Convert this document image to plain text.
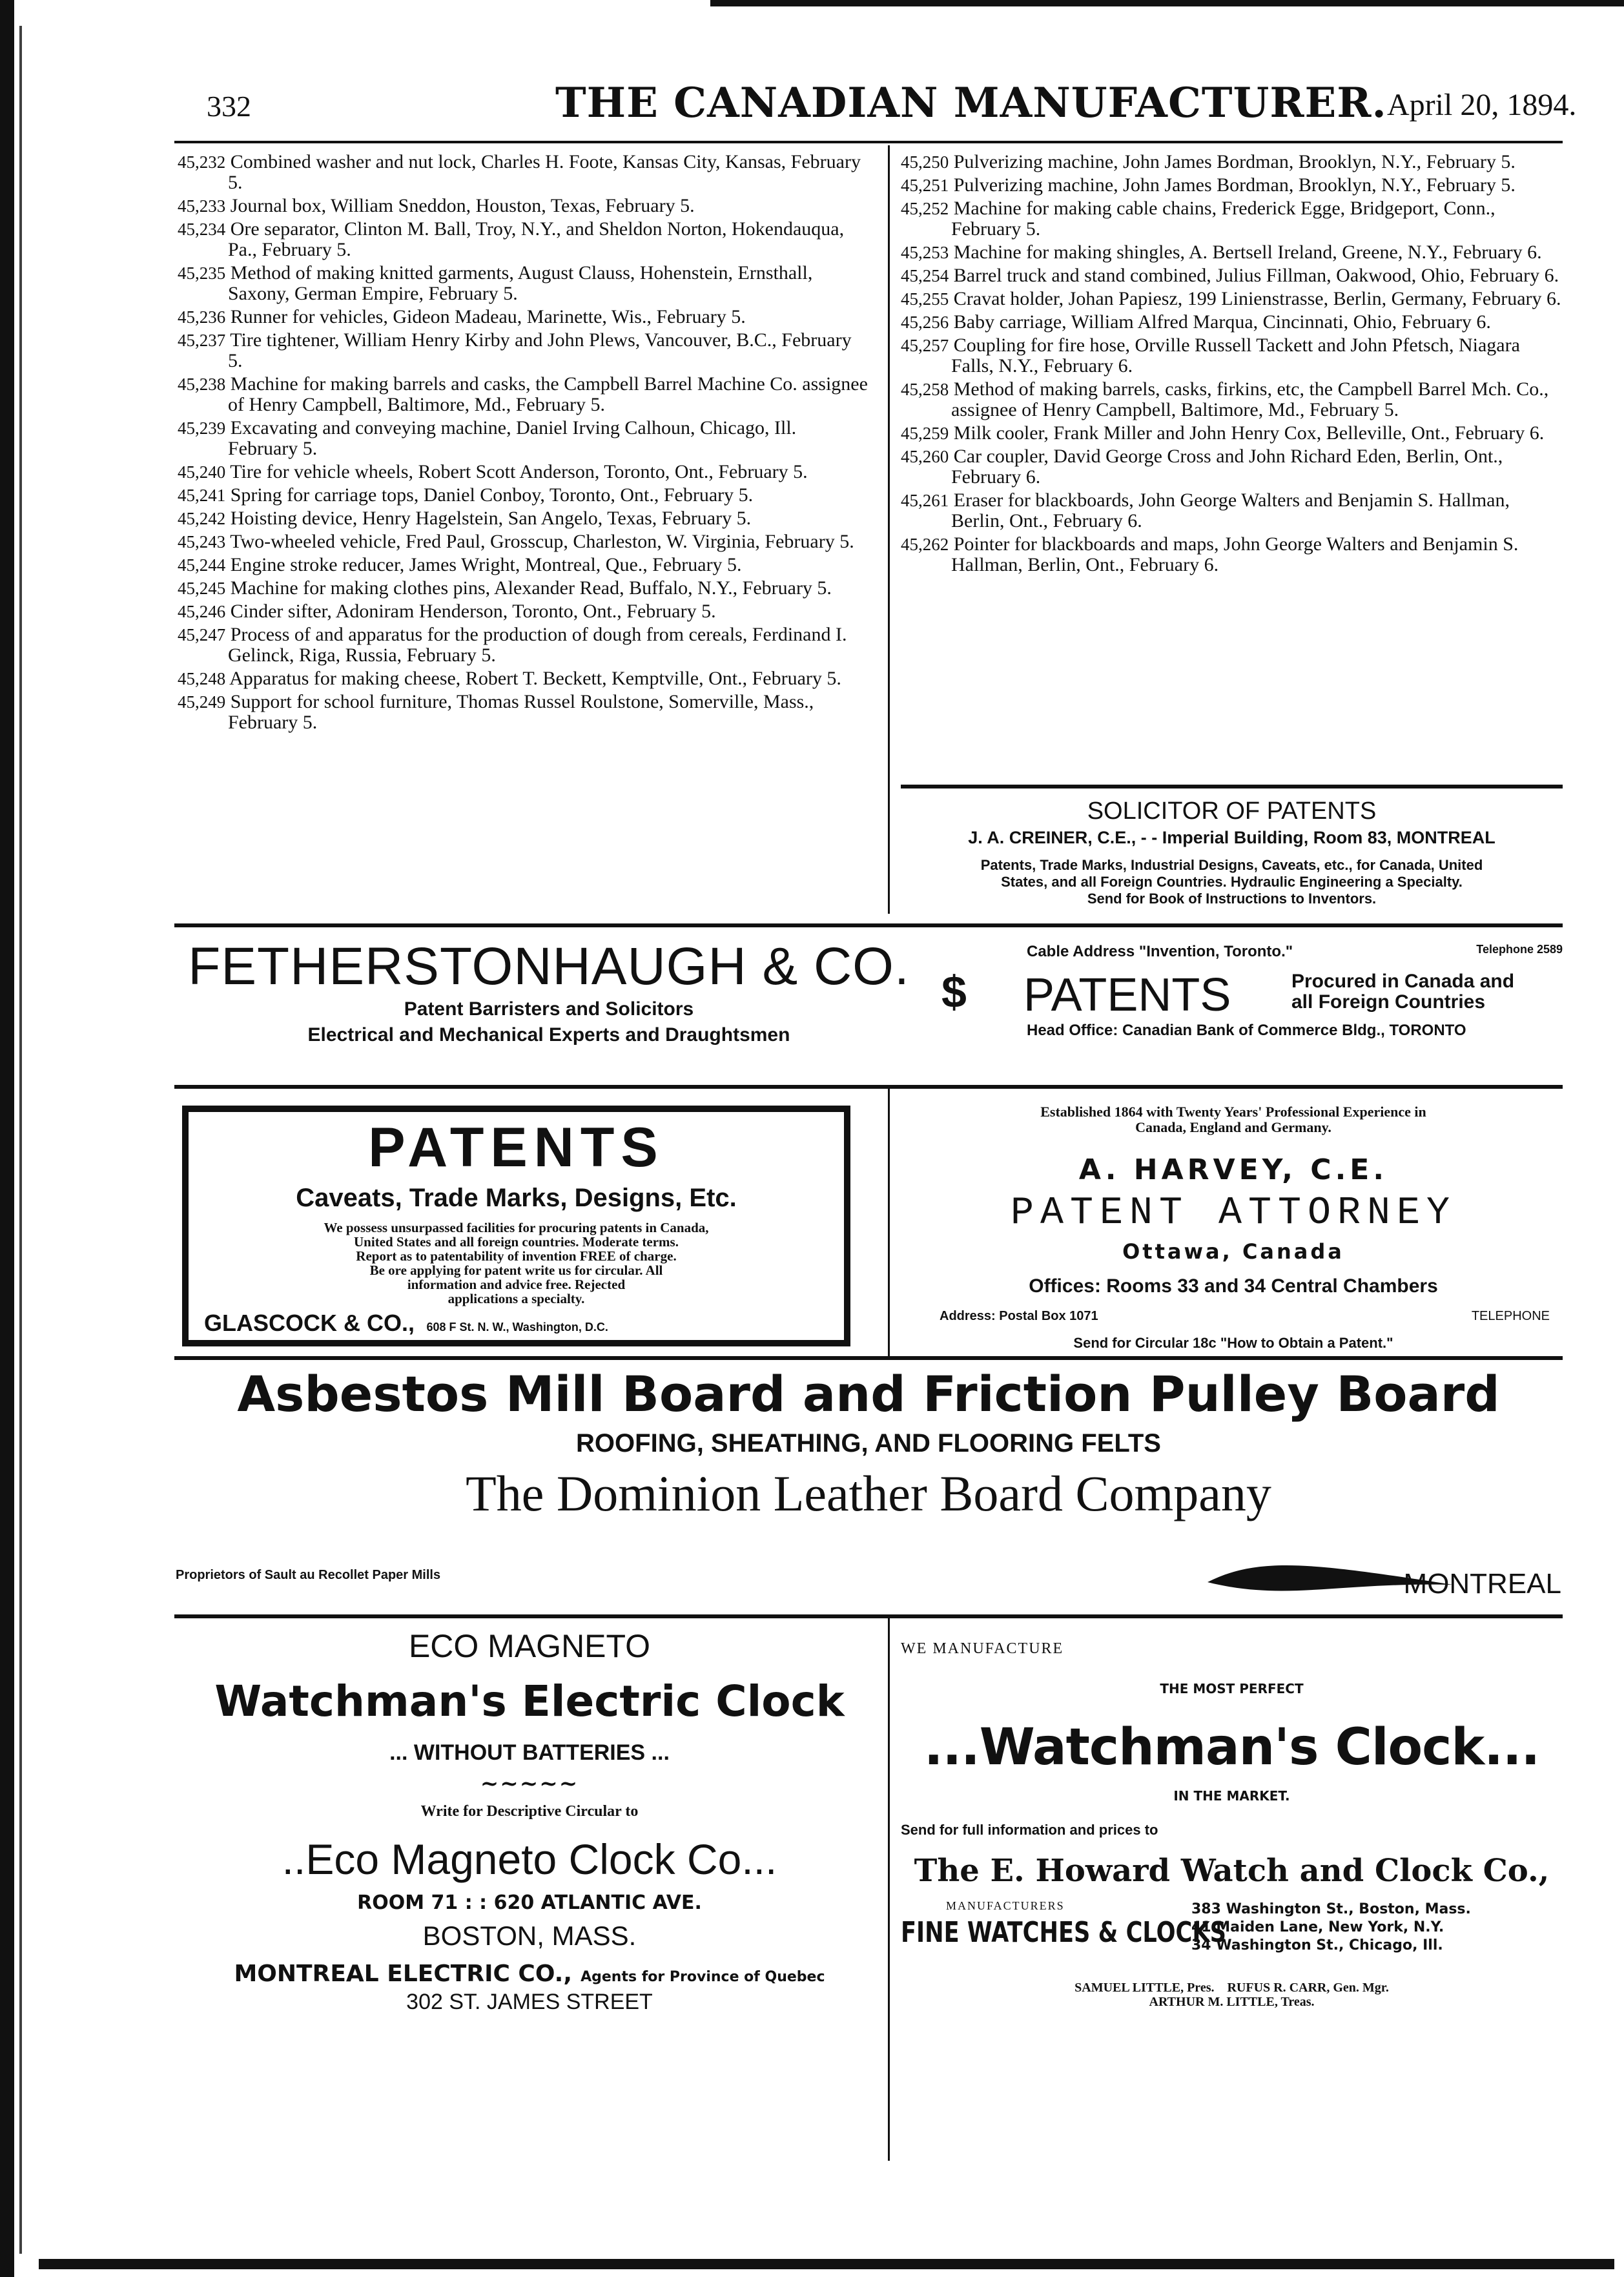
332	THE CANADIAN MANUFACTURER. April 20, 1894.
45,232 Combined washer and nut lock, Charles H. Foote, Kansas City, Kansas, February 5.
45,233 Journal box, William Sneddon, Houston, Texas, February 5.
45,234 Ore separator, Clinton M. Ball, Troy, N.Y., and Sheldon Norton, Hokendauqua, Pa., February 5.
45,235 Method of making knitted garments, August Clauss, Hohenstein, Ernsthall, Saxony, German Empire, February 5.
45,236 Runner for vehicles, Gideon Madeau, Marinette, Wis., February 5.
45,237 Tire tightener, William Henry Kirby and John Plews, Vancouver, B.C., February 5.
45,238 Machine for making barrels and casks, the Campbell Barrel Machine Co. assignee of Henry Campbell, Baltimore, Md., February 5.
45,239 Excavating and conveying machine, Daniel Irving Calhoun, Chicago, Ill. February 5.
45,240 Tire for vehicle wheels, Robert Scott Anderson, Toronto, Ont., February 5.
45,241 Spring for carriage tops, Daniel Conboy, Toronto, Ont., February 5.
45,242 Hoisting device, Henry Hagelstein, San Angelo, Texas, February 5.
45,243 Two-wheeled vehicle, Fred Paul, Grosscup, Charleston, W. Virginia, February 5.
45,244 Engine stroke reducer, James Wright, Montreal, Que., February 5.
45,245 Machine for making clothes pins, Alexander Read, Buffalo, N.Y., February 5.
45,246 Cinder sifter, Adoniram Henderson, Toronto, Ont., February 5.
45,247 Process of and apparatus for the production of dough from cereals, Ferdinand I. Gelinck, Riga, Russia, February 5.
45,248 Apparatus for making cheese, Robert T. Beckett, Kemptville, Ont., February 5.
45,249 Support for school furniture, Thomas Russel Roulstone, Somerville, Mass., February 5.
45,250 Pulverizing machine, John James Bordman, Brooklyn, N.Y., February 5.
45,251 Pulverizing machine, John James Bordman, Brooklyn, N.Y., February 5.
45,252 Machine for making cable chains, Frederick Egge, Bridgeport, Conn., February 5.
45,253 Machine for making shingles, A. Bertsell Ireland, Greene, N.Y., February 6.
45,254 Barrel truck and stand combined, Julius Fillman, Oakwood, Ohio, February 6.
45,255 Cravat holder, Johan Papiesz, 199 Linienstrasse, Berlin, Germany, February 6.
45,256 Baby carriage, William Alfred Marqua, Cincinnati, Ohio, February 6.
45,257 Coupling for fire hose, Orville Russell Tackett and John Pfetsch, Niagara Falls, N.Y., February 6.
45,258 Method of making barrels, casks, firkins, etc, the Campbell Barrel Mch. Co., assignee of Henry Campbell, Baltimore, Md., February 5.
45,259 Milk cooler, Frank Miller and John Henry Cox, Belleville, Ont., February 6.
45,260 Car coupler, David George Cross and John Richard Eden, Berlin, Ont., February 6.
45,261 Eraser for blackboards, John George Walters and Benjamin S. Hallman, Berlin, Ont., February 6.
45,262 Pointer for blackboards and maps, John George Walters and Benjamin S. Hallman, Berlin, Ont., February 6.
SOLICITOR OF PATENTS
J. A. CREINER, C.E., - - Imperial Building, Room 83, MONTREAL
Patents, Trade Marks, Industrial Designs, Caveats, etc., for Canada, United
States, and all Foreign Countries. Hydraulic Engineering a Specialty.
Send for Book of Instructions to Inventors.
FETHERSTONHAUGH & CO.
Patent Barristers and Solicitors
Electrical and Mechanical Experts and Draughtsmen
Cable Address "Invention, Toronto."	Telephone 2589
$ PATENTS	Procured in Canada and
all Foreign Countries
Head Office: Canadian Bank of Commerce Bldg., TORONTO
PATENTS
Caveats, Trade Marks, Designs, Etc.
We possess unsurpassed facilities for procuring patents in Canada,
United States and all foreign countries. Moderate terms.
Report as to patentability of invention FREE of charge.
Be ore applying for patent write us for circular. All
information and advice free. Rejected
applications a specialty.
GLASCOCK & CO., 608 F St. N. W., Washington, D.C.
Established 1864 with Twenty Years' Professional Experience in
Canada, England and Germany.
A. HARVEY, C.E.
PATENT ATTORNEY
Ottawa, Canada
Offices: Rooms 33 and 34 Central Chambers
Address: Postal Box 1071	TELEPHONE
Send for Circular 18c "How to Obtain a Patent."
Asbestos Mill Board and Friction Pulley Board
ROOFING, SHEATHING, AND FLOORING FELTS
The Dominion Leather Board Company
Proprietors of Sault au Recollet Paper Mills	MONTREAL
ECO MAGNETO
Watchman's Electric Clock
... WITHOUT BATTERIES ...
~~~~~
Write for Descriptive Circular to
..Eco Magneto Clock Co...
ROOM 71 : : 620 ATLANTIC AVE.
BOSTON, MASS.
MONTREAL ELECTRIC CO., Agents for Province of Quebec
302 ST. JAMES STREET
WE MANUFACTURE
THE MOST PERFECT
...Watchman's Clock...
IN THE MARKET.
Send for full information and prices to
The E. Howard Watch and Clock Co.,
MANUFACTURERS
FINE WATCHES & CLOCKS
383 Washington St., Boston, Mass.
41 Maiden Lane, New York, N.Y.
34 Washington St., Chicago, Ill.
SAMUEL LITTLE, Pres.    RUFUS R. CARR, Gen. Mgr.
ARTHUR M. LITTLE, Treas.
